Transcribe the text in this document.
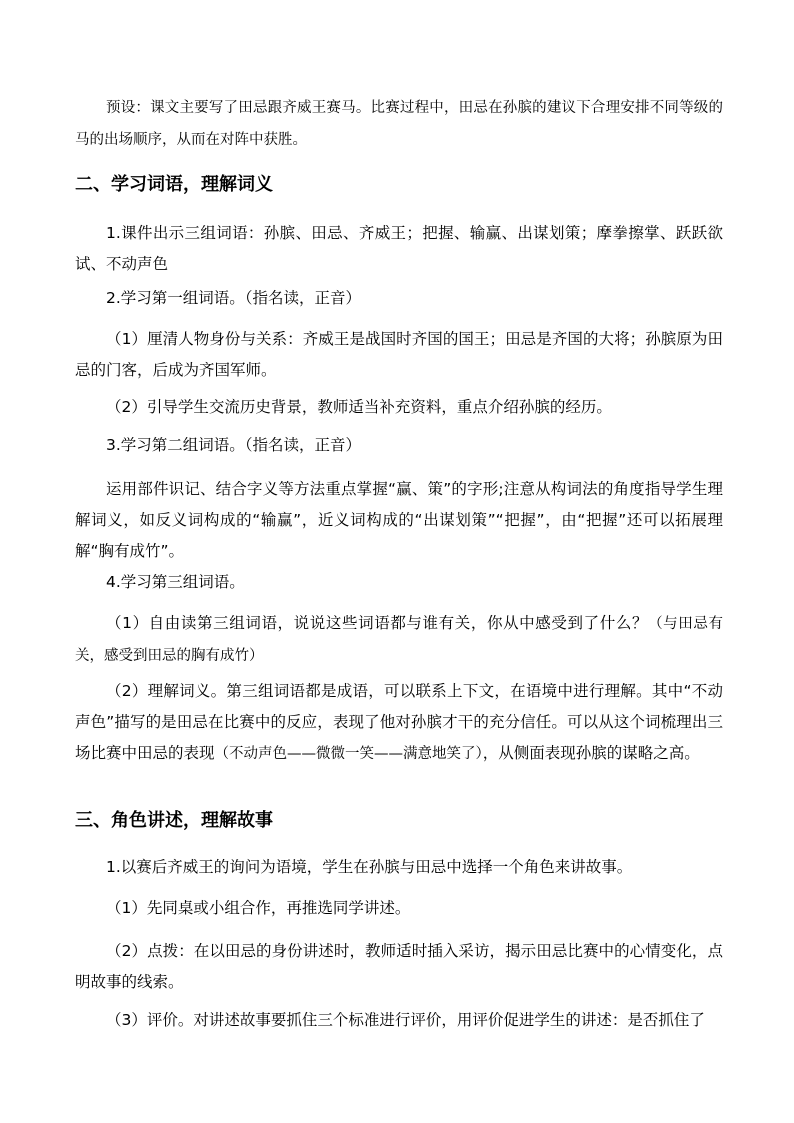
预设：课文主要写了田忌跟齐威王赛马。比赛过程中，田忌在孙膑的建议下合理安排不同等级的马的出场顺序，从而在对阵中获胜。

二、学习词语，理解词义

1.课件出示三组词语：孙膑、田忌、齐威王；把握、输赢、出谋划策；摩拳擦掌、跃跃欲试、不动声色

2.学习第一组词语。（指名读，正音）

（1）厘清人物身份与关系：齐威王是战国时齐国的国王；田忌是齐国的大将；孙膑原为田忌的门客，后成为齐国军师。

（2）引导学生交流历史背景，教师适当补充资料，重点介绍孙膑的经历。

3.学习第二组词语。（指名读，正音）

运用部件识记、结合字义等方法重点掌握“赢、策”的字形;注意从构词法的角度指导学生理解词义，如反义词构成的“输赢”，近义词构成的“出谋划策”“把握”，由“把握”还可以拓展理解“胸有成竹”。

4.学习第三组词语。

（1）自由读第三组词语，说说这些词语都与谁有关，你从中感受到了什么？（与田忌有关，感受到田忌的胸有成竹）

（2）理解词义。第三组词语都是成语，可以联系上下文，在语境中进行理解。其中“不动声色”描写的是田忌在比赛中的反应，表现了他对孙膑才干的充分信任。可以从这个词梳理出三场比赛中田忌的表现（不动声色——微微一笑——满意地笑了），从侧面表现孙膑的谋略之高。

三、角色讲述，理解故事

1.以赛后齐威王的询问为语境，学生在孙膑与田忌中选择一个角色来讲故事。

（1）先同桌或小组合作，再推选同学讲述。

（2）点拨：在以田忌的身份讲述时，教师适时插入采访，揭示田忌比赛中的心情变化，点明故事的线索。

（3）评价。对讲述故事要抓住三个标准进行评价，用评价促进学生的讲述：是否抓住了
